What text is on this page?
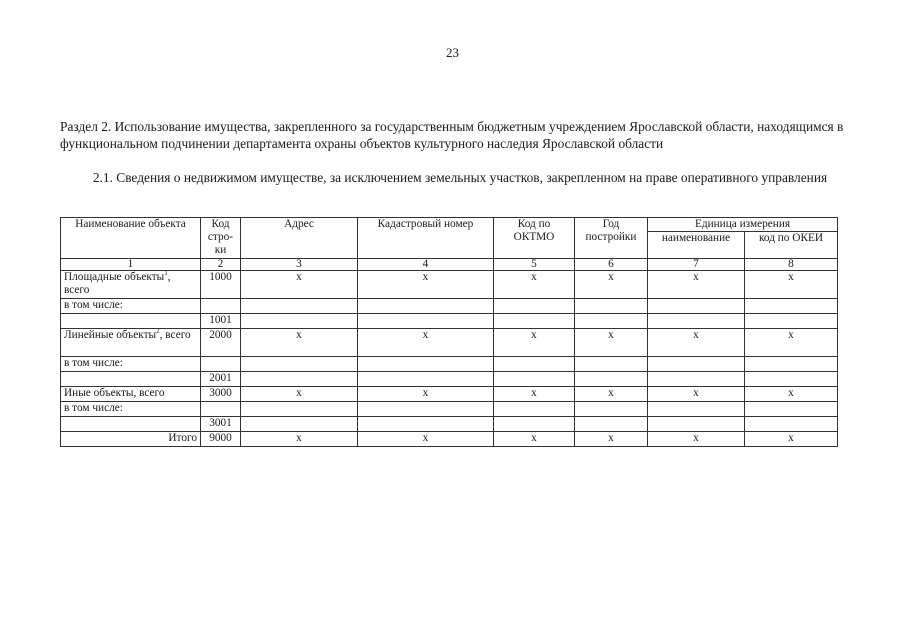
23
Раздел 2. Использование имущества, закрепленного за государственным бюджетным учреждением Ярославской области, находящимся в функциональном подчинении департамента охраны объектов культурного наследия Ярославской области
2.1. Сведения о недвижимом имуществе, за исключением земельных участков, закрепленном на праве оперативного управления
Наименование объекта	Код стро-ки	Адрес	Кадастровый номер	Код по ОКТМО	Год постройки	Единица измерения	
						наименование	код по ОКЕИ
1	2	3	4	5	6	7	8
Площадные объекты$^1$, всего	1000	х	х	х	х	х	х
в том числе:							
	1001						
Линейные объекты$^2$, всего	2000	х	х	х	х	х	х
в том числе:							
	2001						
Иные объекты, всего	3000	х	х	х	х	х	х
в том числе:							
	3001						
Итого	9000	х	х	х	х	х	х
